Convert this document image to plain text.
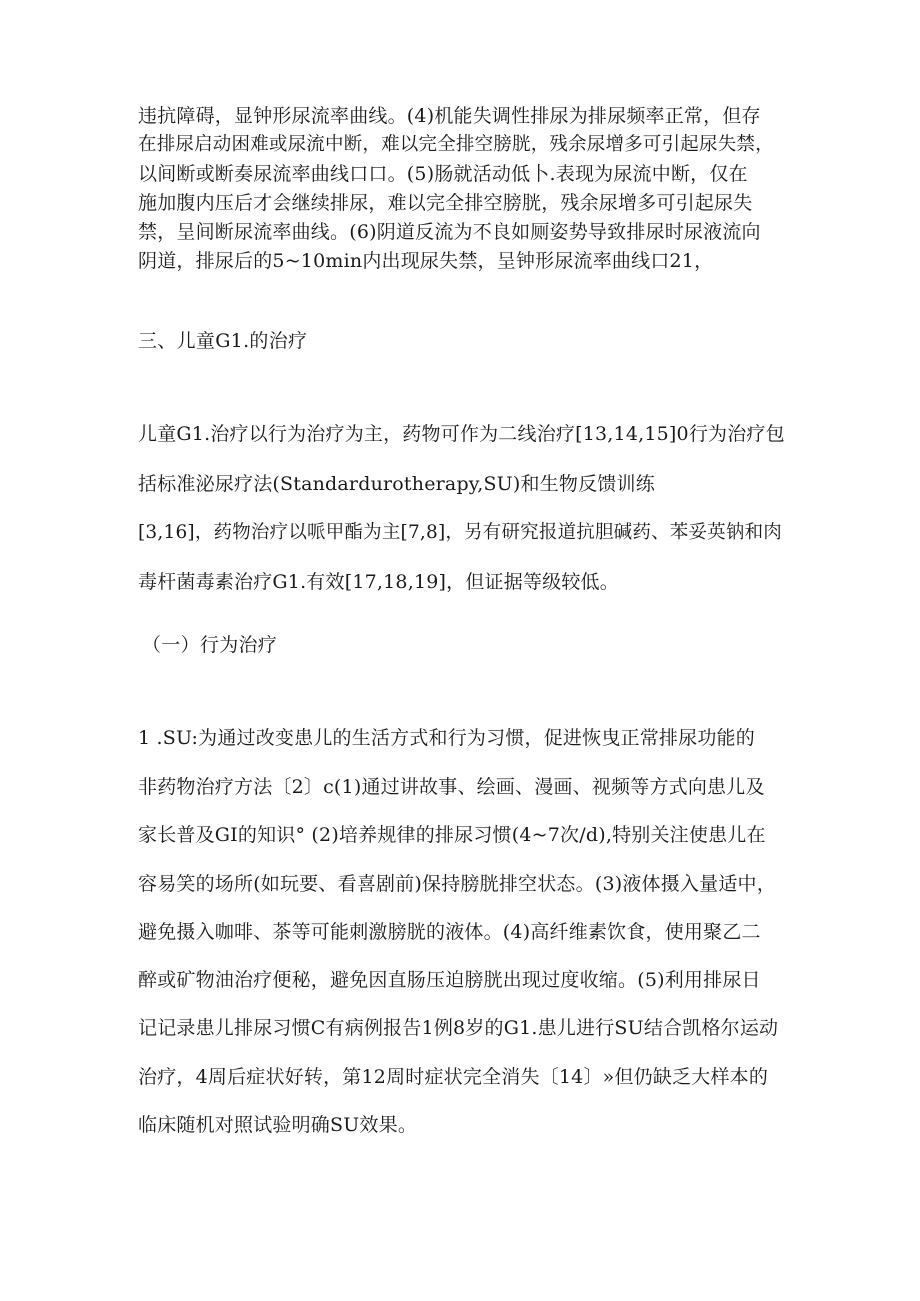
违抗障碍，显钟形尿流率曲线。(4)机能失调性排尿为排尿频率正常，但存
在排尿启动困难或尿流中断，难以完全排空膀胱，残余尿增多可引起尿失禁，
以间断或断奏尿流率曲线口口。(5)肠就活动低卜.表现为尿流中断，仅在
施加腹内压后才会继续排尿，难以完全排空膀胱，残余尿增多可引起尿失
禁，呈间断尿流率曲线。(6)阴道反流为不良如厕姿势导致排尿时尿液流向
阴道，排尿后的5~10min内出现尿失禁，呈钟形尿流率曲线口21，
三、儿童G1.的治疗
儿童G1.治疗以行为治疗为主，药物可作为二线治疗[13,14,15]0行为治疗包
括标准泌尿疗法(Standardurotherapy,SU)和生物反馈训练
[3,16]，药物治疗以哌甲酯为主[7,8]，另有研究报道抗胆碱药、苯妥英钠和肉
毒杆菌毒素治疗G1.有效[17,18,19]，但证据等级较低。
（一）行为治疗
1 .SU:为通过改变患儿的生活方式和行为习惯，促进恢曳正常排尿功能的
非药物治疗方法〔2〕c(1)通过讲故事、绘画、漫画、视频等方式向患儿及
家长普及GI的知识° (2)培养规律的排尿习惯(4~7次/d),特别关注使患儿在
容易笑的场所(如玩要、看喜剧前)保持膀胱排空状态。(3)液体摄入量适中，
避免摄入咖啡、茶等可能刺激膀胱的液体。(4)高纤维素饮食，使用聚乙二
醉或矿物油治疗便秘，避免因直肠压迫膀胱出现过度收缩。(5)利用排尿日
记记录患儿排尿习惯C有病例报告1例8岁的G1.患儿进行SU结合凯格尔运动
治疗，4周后症状好转，第12周时症状完全消失〔14〕»但仍缺乏大样本的
临床随机对照试验明确SU效果。
